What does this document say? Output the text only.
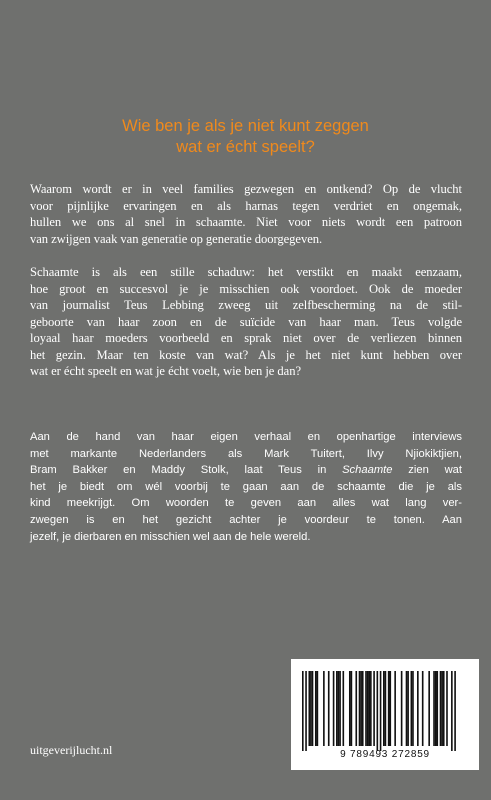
Wie ben je als je niet kunt zeggen
wat er écht speelt?
Waarom wordt er in veel families gezwegen en ontkend? Op de vlucht
voor pijnlijke ervaringen en als harnas tegen verdriet en ongemak,
hullen we ons al snel in schaamte. Niet voor niets wordt een patroon
van zwijgen vaak van generatie op generatie doorgegeven.
Schaamte is als een stille schaduw: het verstikt en maakt eenzaam,
hoe groot en succesvol je je misschien ook voordoet. Ook de moeder
van journalist Teus Lebbing zweeg uit zelfbescherming na de stil-
geboorte van haar zoon en de suïcide van haar man. Teus volgde
loyaal haar moeders voorbeeld en sprak niet over de verliezen binnen
het gezin. Maar ten koste van wat? Als je het niet kunt hebben over
wat er écht speelt en wat je écht voelt, wie ben je dan?
Aan de hand van haar eigen verhaal en openhartige interviews
met markante Nederlanders als Mark Tuitert, Ilvy Njiokiktjien,
Bram Bakker en Maddy Stolk, laat Teus in Schaamte zien wat
het je biedt om wél voorbij te gaan aan de schaamte die je als
kind meekrijgt. Om woorden te geven aan alles wat lang ver-
zwegen is en het gezicht achter je voordeur te tonen. Aan
jezelf, je dierbaren en misschien wel aan de hele wereld.
uitgeverijlucht.nl	9 789493 272859
